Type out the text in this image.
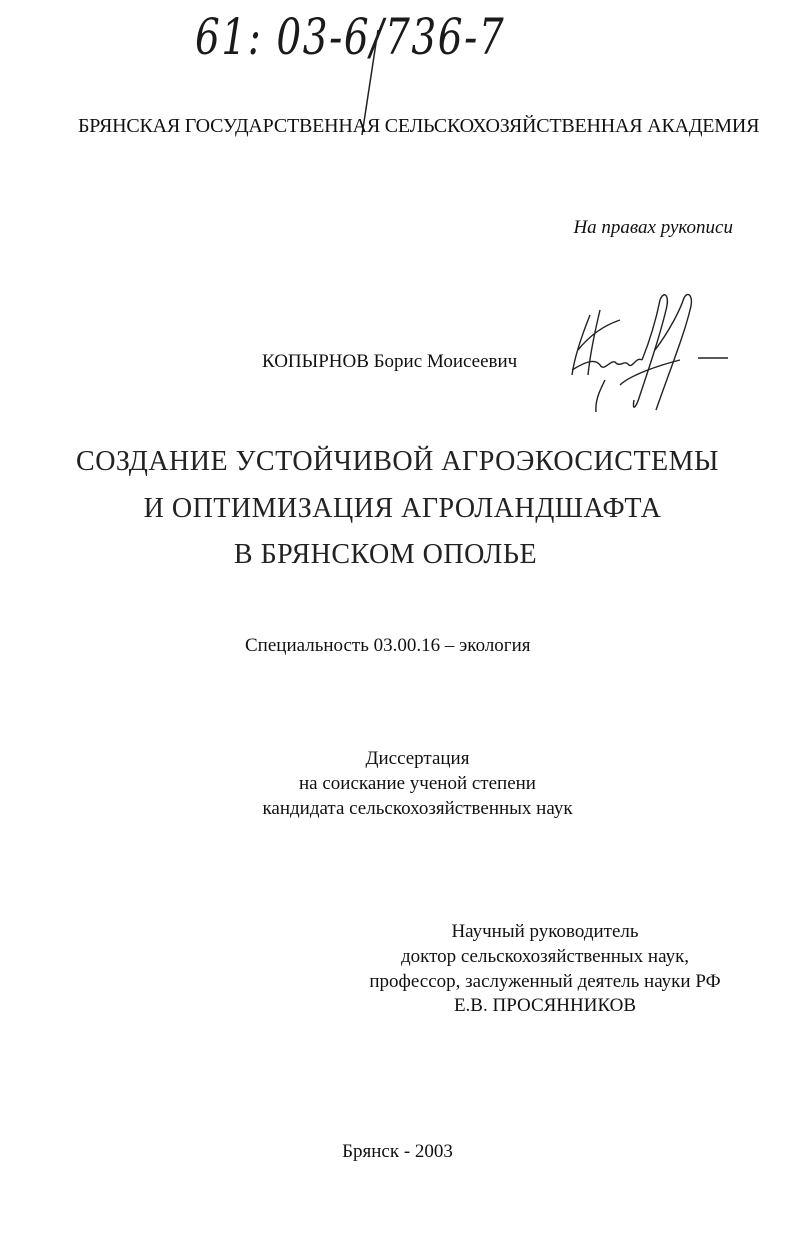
61: 03-6/736-7
БРЯНСКАЯ ГОСУДАРСТВЕННАЯ СЕЛЬСКОХОЗЯЙСТВЕННАЯ АКАДЕМИЯ
На правах рукописи
КОПЫРНОВ Борис Моисеевич
СОЗДАНИЕ УСТОЙЧИВОЙ АГРОЭКОСИСТЕМЫ
И ОПТИМИЗАЦИЯ АГРОЛАНДШАФТА
В БРЯНСКОМ ОПОЛЬЕ
Специальность 03.00.16 – экология
Диссертация
на соискание ученой степени
кандидата сельскохозяйственных наук
Научный руководитель
доктор сельскохозяйственных наук,
профессор, заслуженный деятель науки РФ
Е.В. ПРОСЯННИКОВ
Брянск - 2003
